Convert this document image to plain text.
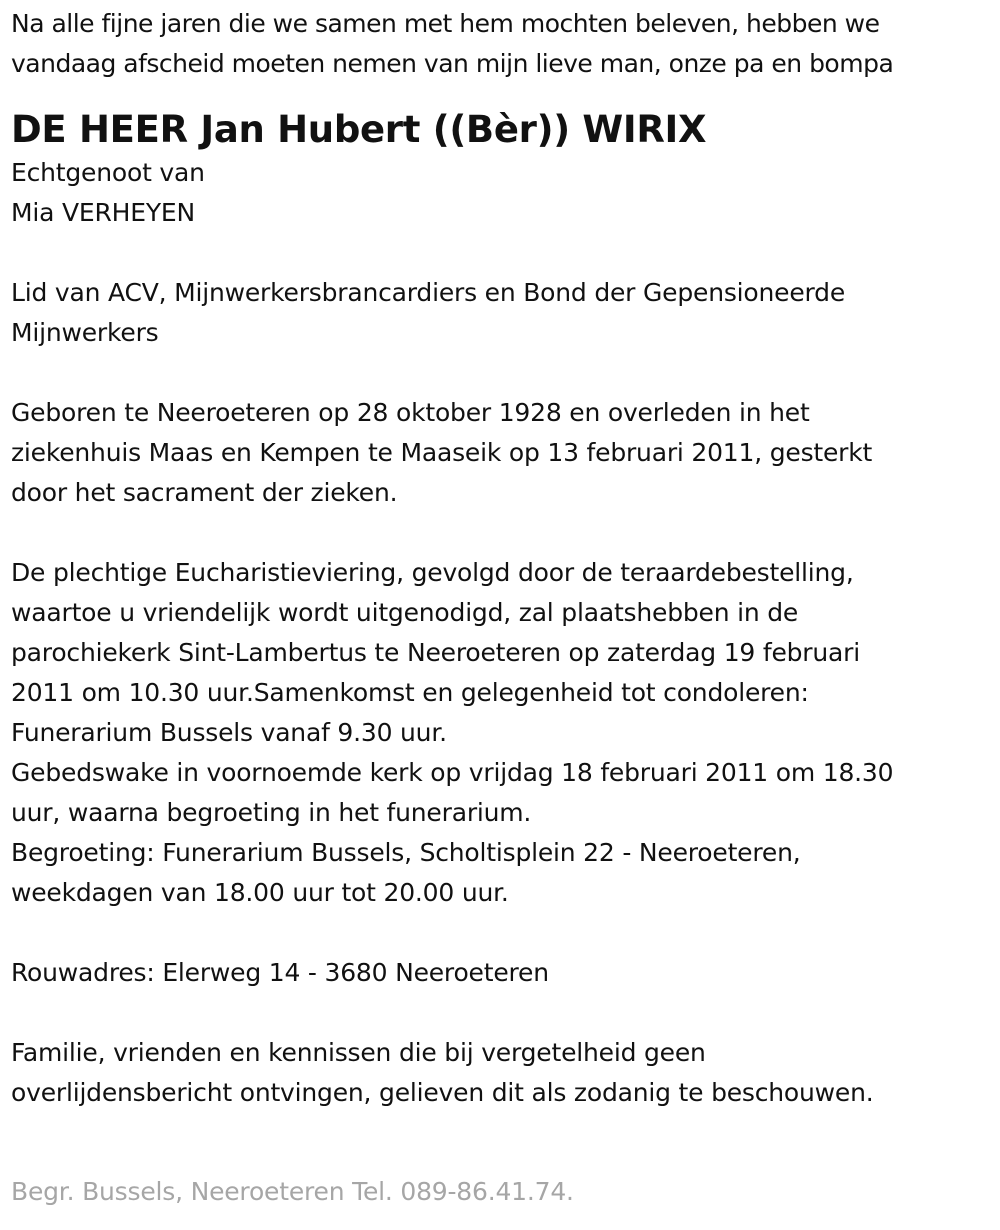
Na alle fijne jaren die we samen met hem mochten beleven, hebben we
vandaag afscheid moeten nemen van mijn lieve man, onze pa en bompa
DE HEER Jan Hubert ((Bèr)) WIRIX
Echtgenoot van
Mia VERHEYEN
Lid van ACV, Mijnwerkersbrancardiers en Bond der Gepensioneerde
Mijnwerkers
Geboren te Neeroeteren op 28 oktober 1928 en overleden in het
ziekenhuis Maas en Kempen te Maaseik op 13 februari 2011, gesterkt
door het sacrament der zieken.
De plechtige Eucharistieviering, gevolgd door de teraardebestelling,
waartoe u vriendelijk wordt uitgenodigd, zal plaatshebben in de
parochiekerk Sint-Lambertus te Neeroeteren op zaterdag 19 februari
2011 om 10.30 uur.Samenkomst en gelegenheid tot condoleren:
Funerarium Bussels vanaf 9.30 uur.
Gebedswake in voornoemde kerk op vrijdag 18 februari 2011 om 18.30
uur, waarna begroeting in het funerarium.
Begroeting: Funerarium Bussels, Scholtisplein 22 - Neeroeteren,
weekdagen van 18.00 uur tot 20.00 uur.
Rouwadres: Elerweg 14 - 3680 Neeroeteren
Familie, vrienden en kennissen die bij vergetelheid geen
overlijdensbericht ontvingen, gelieven dit als zodanig te beschouwen.
Begr. Bussels, Neeroeteren Tel. 089-86.41.74.
